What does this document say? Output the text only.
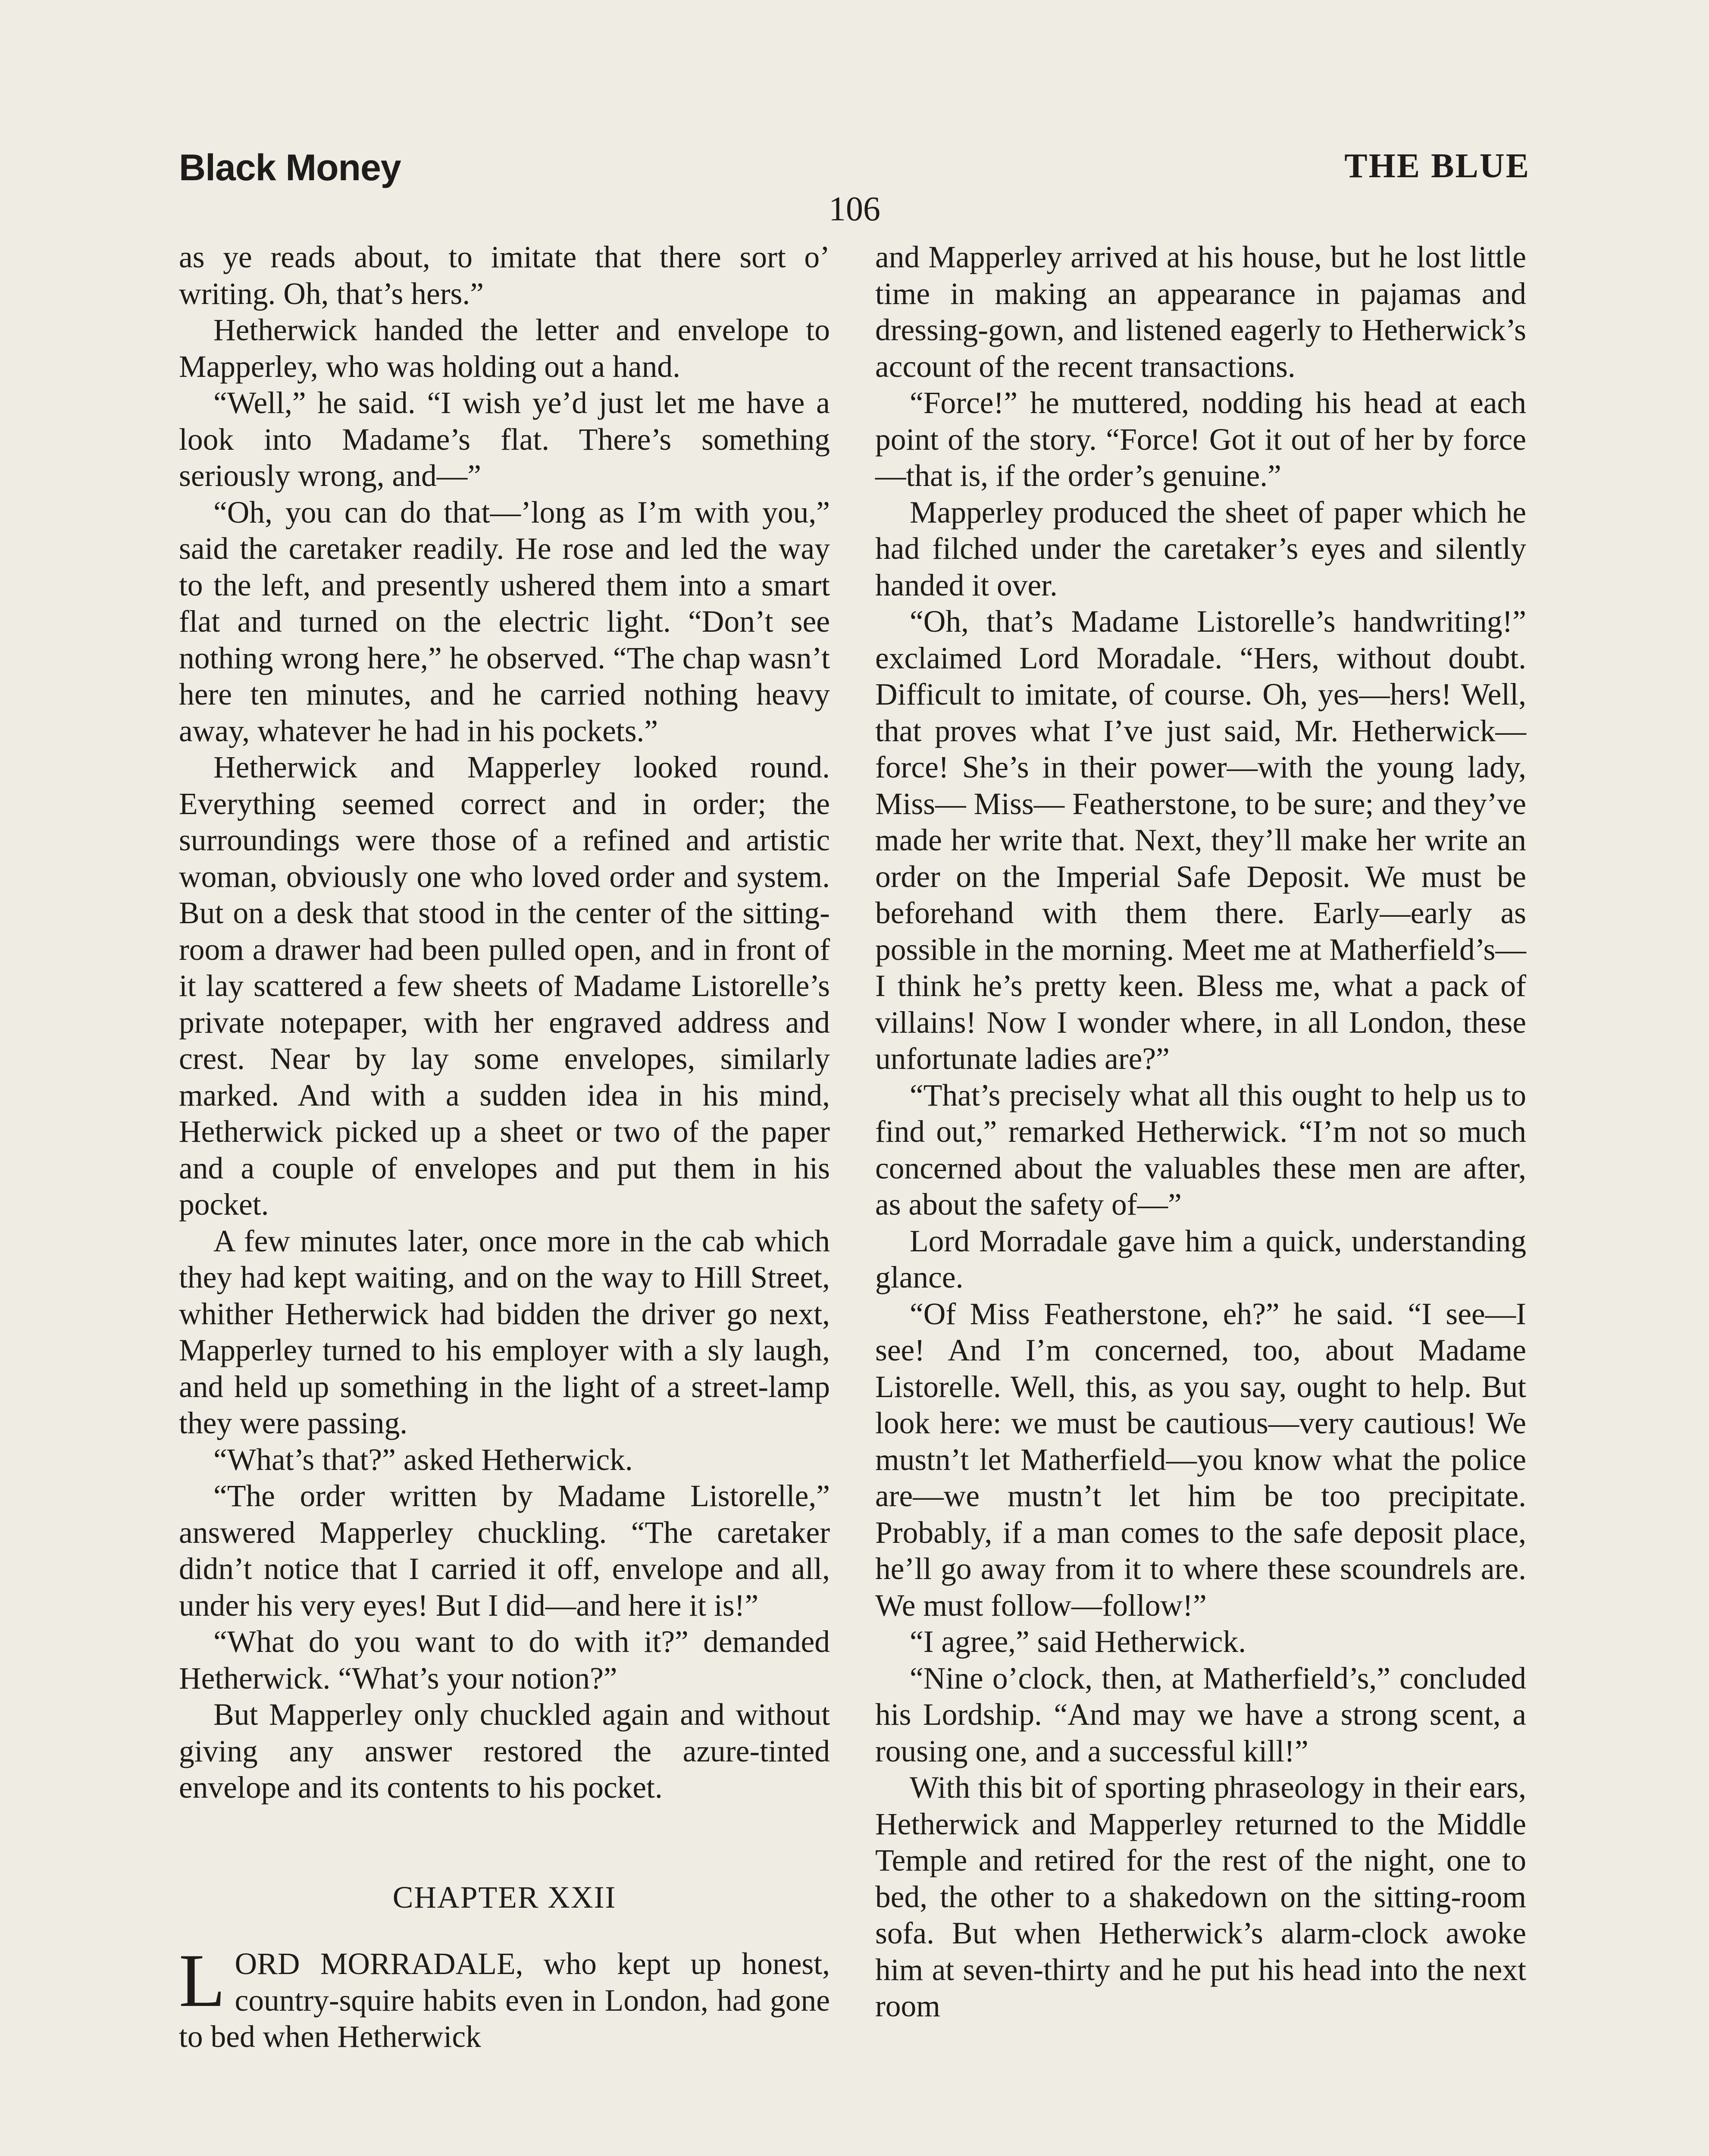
Black Money	THE BLUE
106

as ye reads about, to imitate that there sort o’ writing. Oh, that’s hers.”

Hetherwick handed the letter and envelope to Mapperley, who was holding out a hand.

“Well,” he said. “I wish ye’d just let me have a look into Madame’s flat. There’s something seriously wrong, and—”

“Oh, you can do that—’long as I’m with you,” said the caretaker readily. He rose and led the way to the left, and presently ushered them into a smart flat and turned on the electric light. “Don’t see nothing wrong here,” he observed. “The chap wasn’t here ten minutes, and he carried nothing heavy away, whatever he had in his pockets.”

Hetherwick and Mapperley looked round. Everything seemed correct and in order; the surroundings were those of a refined and artistic woman, obviously one who loved order and system. But on a desk that stood in the center of the sitting-room a drawer had been pulled open, and in front of it lay scattered a few sheets of Madame Listorelle’s private notepaper, with her engraved address and crest. Near by lay some envelopes, similarly marked. And with a sudden idea in his mind, Hetherwick picked up a sheet or two of the paper and a couple of envelopes and put them in his pocket.

A few minutes later, once more in the cab which they had kept waiting, and on the way to Hill Street, whither Hetherwick had bidden the driver go next, Mapperley turned to his employer with a sly laugh, and held up something in the light of a street-lamp they were passing.

“What’s that?” asked Hetherwick.

“The order written by Madame Listorelle,” answered Mapperley chuckling. “The caretaker didn’t notice that I carried it off, envelope and all, under his very eyes! But I did—and here it is!”

“What do you want to do with it?” demanded Hetherwick. “What’s your notion?”

But Mapperley only chuckled again and without giving any answer restored the azure-tinted envelope and its contents to his pocket.

CHAPTER XXII

LORD MORRADALE, who kept up honest, country-squire habits even in London, had gone to bed when Hetherwick

and Mapperley arrived at his house, but he lost little time in making an appearance in pajamas and dressing-gown, and listened eagerly to Hetherwick’s account of the recent transactions.

“Force!” he muttered, nodding his head at each point of the story. “Force! Got it out of her by force—that is, if the order’s genuine.”

Mapperley produced the sheet of paper which he had filched under the caretaker’s eyes and silently handed it over.

“Oh, that’s Madame Listorelle’s handwriting!” exclaimed Lord Moradale. “Hers, without doubt. Difficult to imitate, of course. Oh, yes—hers! Well, that proves what I’ve just said, Mr. Hetherwick—force! She’s in their power—with the young lady, Miss— Miss— Featherstone, to be sure; and they’ve made her write that. Next, they’ll make her write an order on the Imperial Safe Deposit. We must be beforehand with them there. Early—early as possible in the morning. Meet me at Matherfield’s—I think he’s pretty keen. Bless me, what a pack of villains! Now I wonder where, in all London, these unfortunate ladies are?”

“That’s precisely what all this ought to help us to find out,” remarked Hetherwick. “I’m not so much concerned about the valuables these men are after, as about the safety of—”

Lord Morradale gave him a quick, understanding glance.

“Of Miss Featherstone, eh?” he said. “I see—I see! And I’m concerned, too, about Madame Listorelle. Well, this, as you say, ought to help. But look here: we must be cautious—very cautious! We mustn’t let Matherfield—you know what the police are—we mustn’t let him be too precipitate. Probably, if a man comes to the safe deposit place, he’ll go away from it to where these scoundrels are. We must follow—follow!”

“I agree,” said Hetherwick.

“Nine o’clock, then, at Matherfield’s,” concluded his Lordship. “And may we have a strong scent, a rousing one, and a successful kill!”

With this bit of sporting phraseology in their ears, Hetherwick and Mapperley returned to the Middle Temple and retired for the rest of the night, one to bed, the other to a shakedown on the sitting-room sofa. But when Hetherwick’s alarm-clock awoke him at seven-thirty and he put his head into the next room
